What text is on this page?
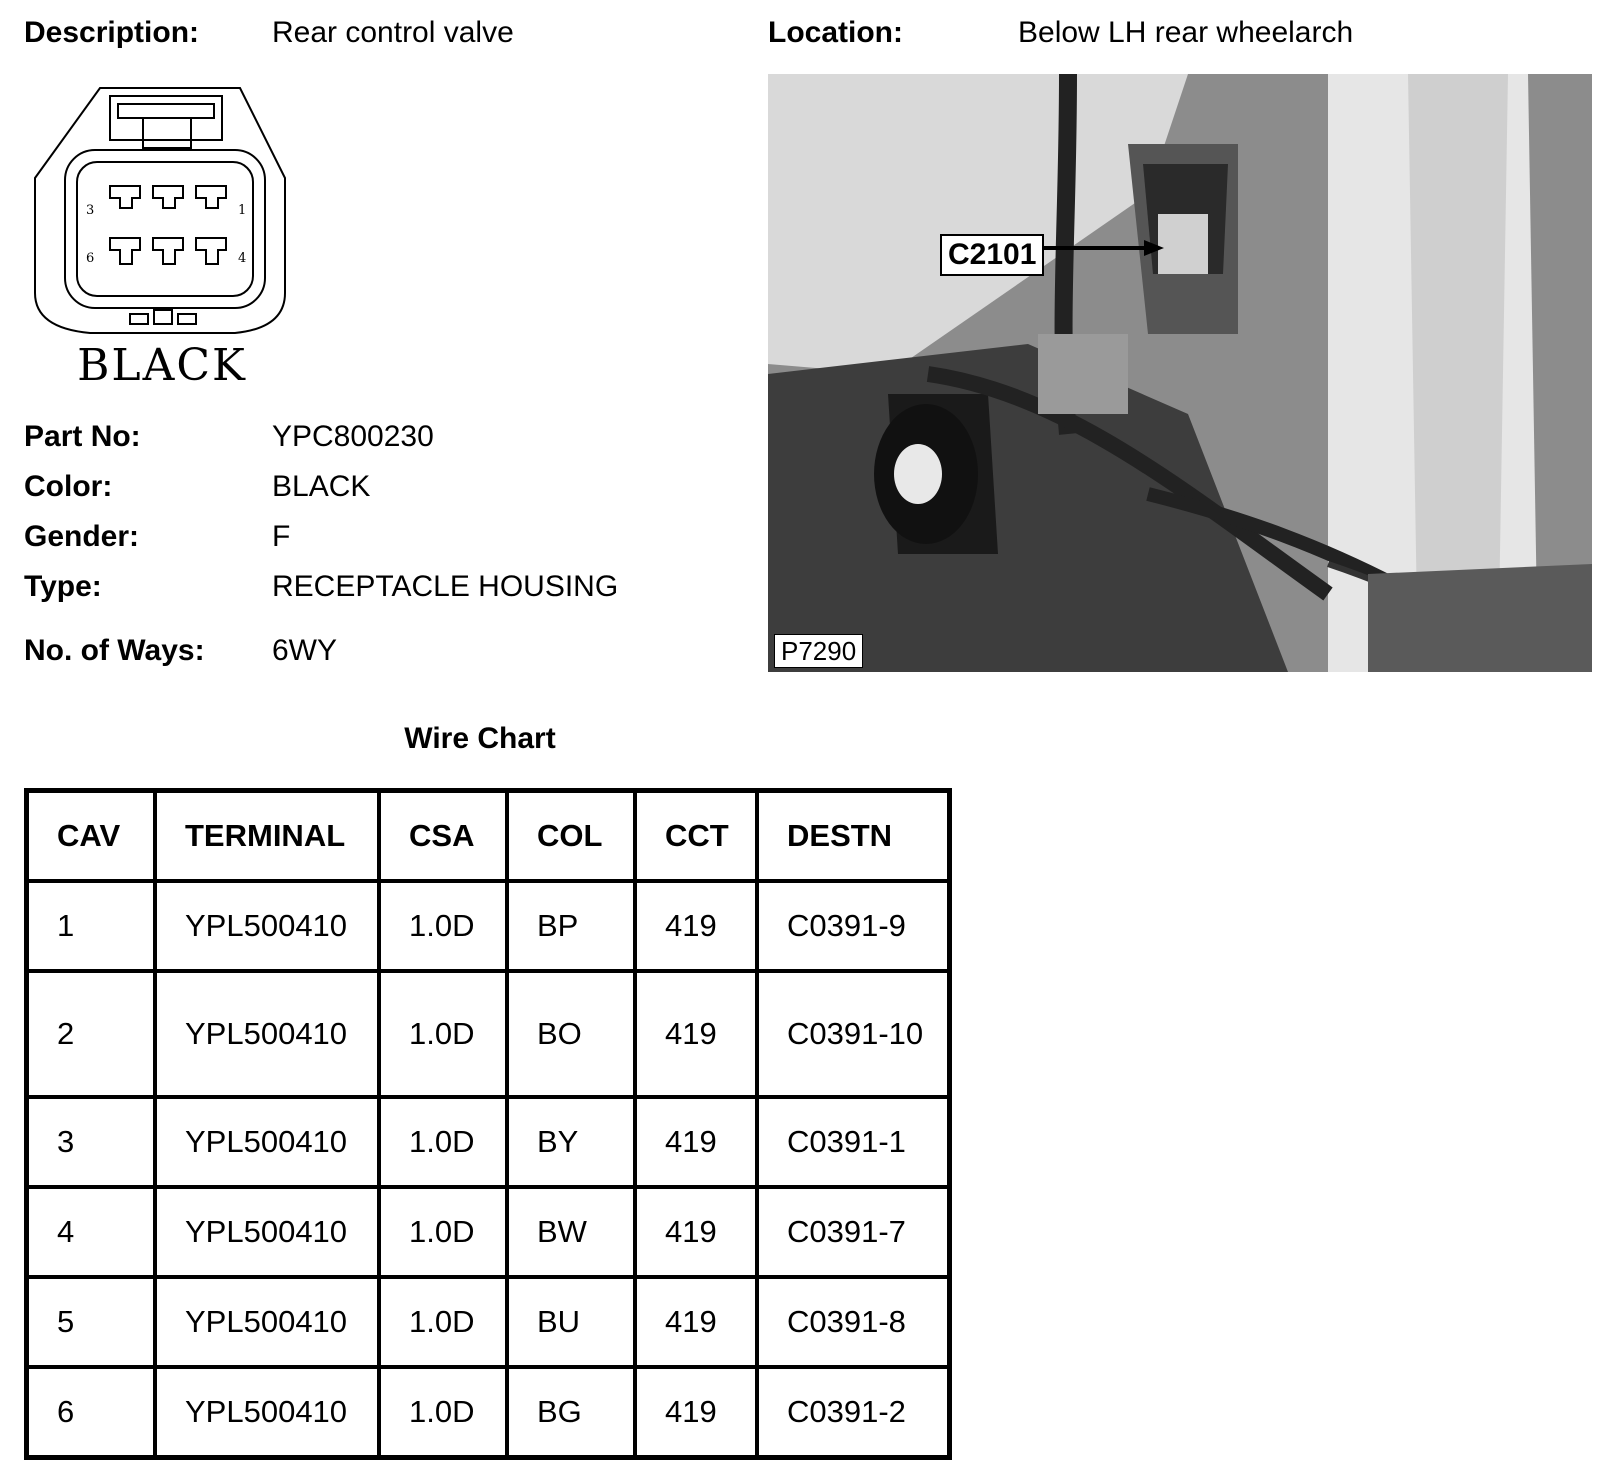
Description: Rear control valve	Location:	Below LH rear wheelarch
3	1
6	4
BLACK
Part No:	YPC800230
Color:	BLACK
Gender:	F
Type:	RECEPTACLE HOUSING
No. of Ways: 6WY
C2101
P7290
Wire Chart
CAV	TERMINAL	CSA	COL	CCT	DESTN
1	YPL500410	1.0D	BP	419	C0391-9
2	YPL500410	1.0D	BO	419	C0391-10
3	YPL500410	1.0D	BY	419	C0391-1
4	YPL500410	1.0D	BW	419	C0391-7
5	YPL500410	1.0D	BU	419	C0391-8
6	YPL500410	1.0D	BG	419	C0391-2
